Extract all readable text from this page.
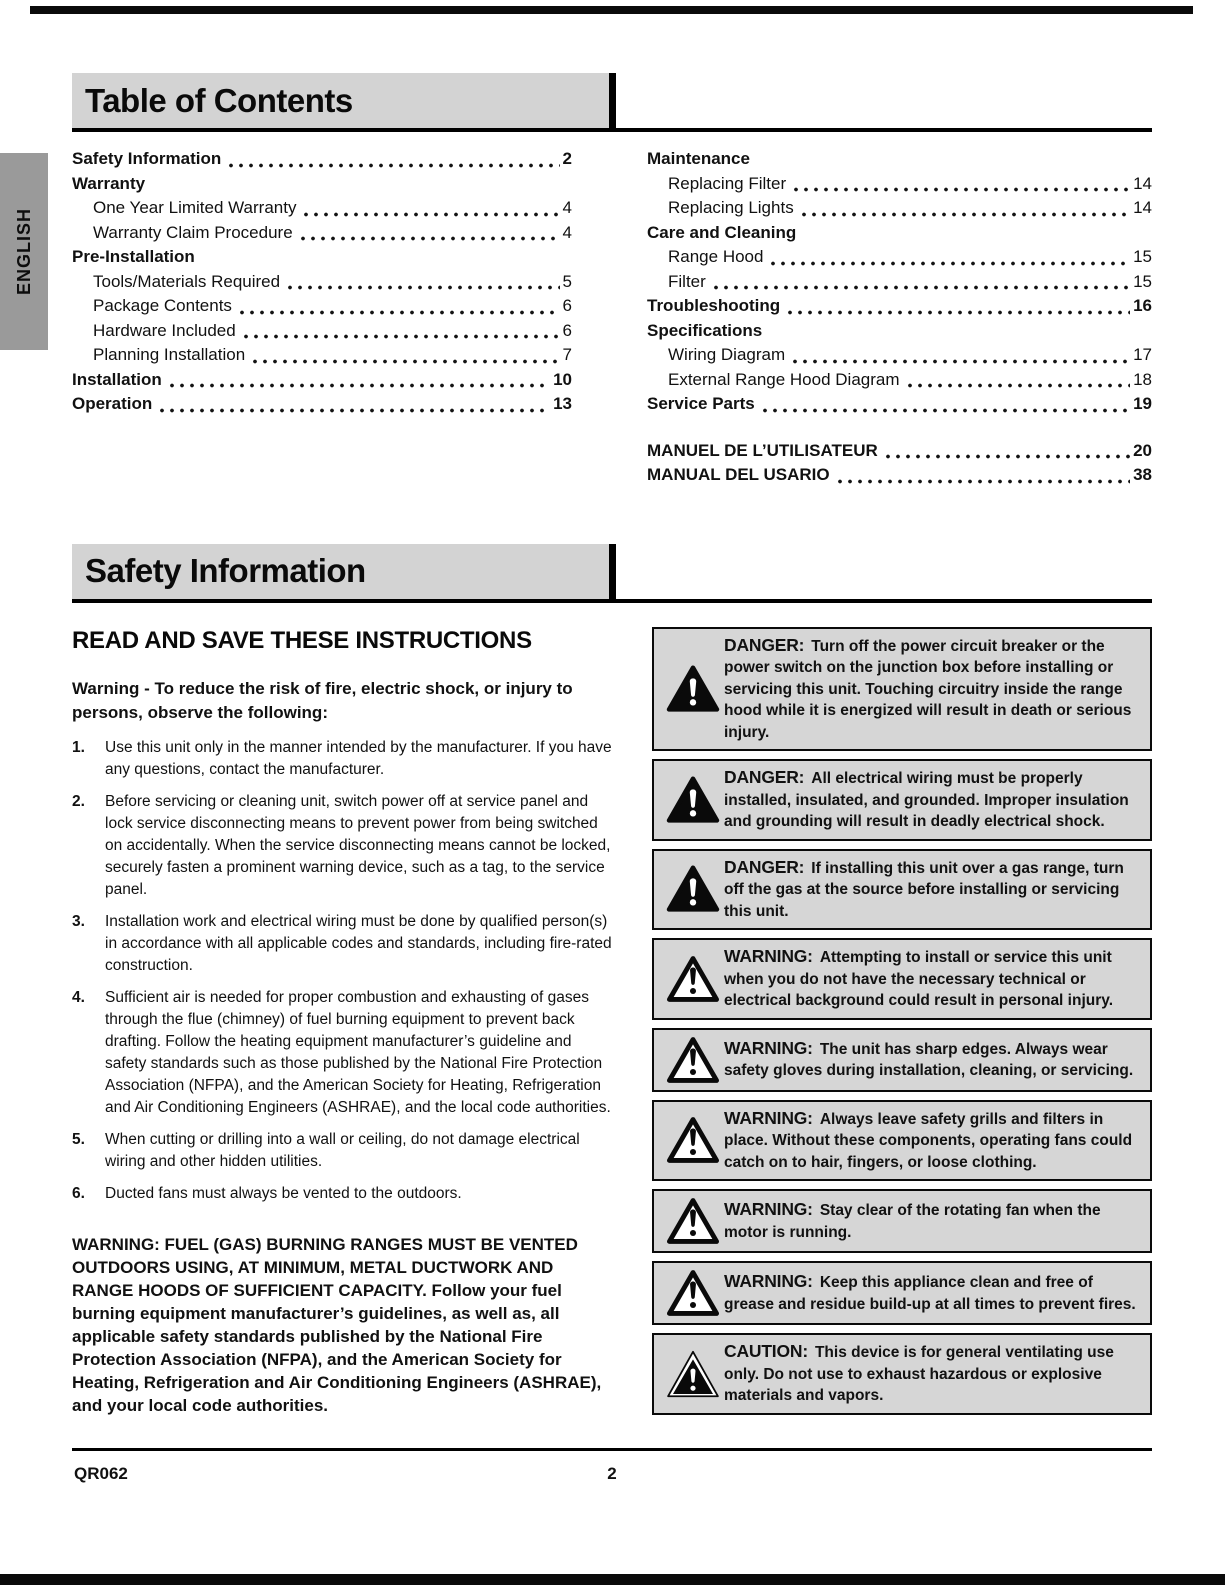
ENGLISH
Table of Contents
Safety Information	2
Warranty
One Year Limited Warranty	4
Warranty Claim Procedure	4
Pre-Installation
Tools/Materials Required	5
Package Contents	6
Hardware Included	6
Planning Installation	7
Installation	10
Operation	13
Maintenance
Replacing Filter	14
Replacing Lights	14
Care and Cleaning
Range Hood	15
Filter	15
Troubleshooting	16
Specifications
Wiring Diagram	17
External Range Hood Diagram	18
Service Parts	19
MANUEL DE L’UTILISATEUR	20
MANUAL DEL USARIO	38
Safety Information
READ AND SAVE THESE INSTRUCTIONS

Warning - To reduce the risk of fire, electric shock, or injury to persons, observe the following:

1.	Use this unit only in the manner intended by the manufacturer. If you have any questions, contact the manufacturer.
2.	Before servicing or cleaning unit, switch power off at service panel and lock service disconnecting means to prevent power from being switched on accidentally. When the service disconnecting means cannot be locked, securely fasten a prominent warning device, such as a tag, to the service panel.
3.	Installation work and electrical wiring must be done by qualified person(s) in accordance with all applicable codes and standards, including fire-rated construction.
4.	Sufficient air is needed for proper combustion and exhausting of gases through the flue (chimney) of fuel burning equipment to prevent back drafting. Follow the heating equipment manufacturer’s guideline and safety standards such as those published by the National Fire Protection Association (NFPA), and the American Society for Heating, Refrigeration and Air Conditioning Engineers (ASHRAE), and the local code authorities.
5.	When cutting or drilling into a wall or ceiling, do not damage electrical wiring and other hidden utilities.
6.	Ducted fans must always be vented to the outdoors.

WARNING: FUEL (GAS) BURNING RANGES MUST BE VENTED OUTDOORS USING, AT MINIMUM, METAL DUCTWORK AND RANGE HOODS OF SUFFICIENT CAPACITY. Follow your fuel burning equipment manufacturer’s guidelines, as well as, all applicable safety standards published by the National Fire Protection Association (NFPA), and the American Society for Heating, Refrigeration and Air Conditioning Engineers (ASHRAE), and your local code authorities.

DANGER: Turn off the power circuit breaker or the power switch on the junction box before installing or servicing this unit. Touching circuitry inside the range hood while it is energized will result in death or serious injury.

DANGER: All electrical wiring must be properly installed, insulated, and grounded. Improper insulation and grounding will result in deadly electrical shock.

DANGER: If installing this unit over a gas range, turn off the gas at the source before installing or servicing this unit.

WARNING: Attempting to install or service this unit when you do not have the necessary technical or electrical background could result in personal injury.

WARNING: The unit has sharp edges. Always wear safety gloves during installation, cleaning, or servicing.

WARNING: Always leave safety grills and filters in place. Without these components, operating fans could catch on to hair, fingers, or loose clothing.

WARNING: Stay clear of the rotating fan when the motor is running.

WARNING: Keep this appliance clean and free of grease and residue build-up at all times to prevent fires.

CAUTION: This device is for general ventilating use only. Do not use to exhaust hazardous or explosive materials and vapors.

QR062	2
